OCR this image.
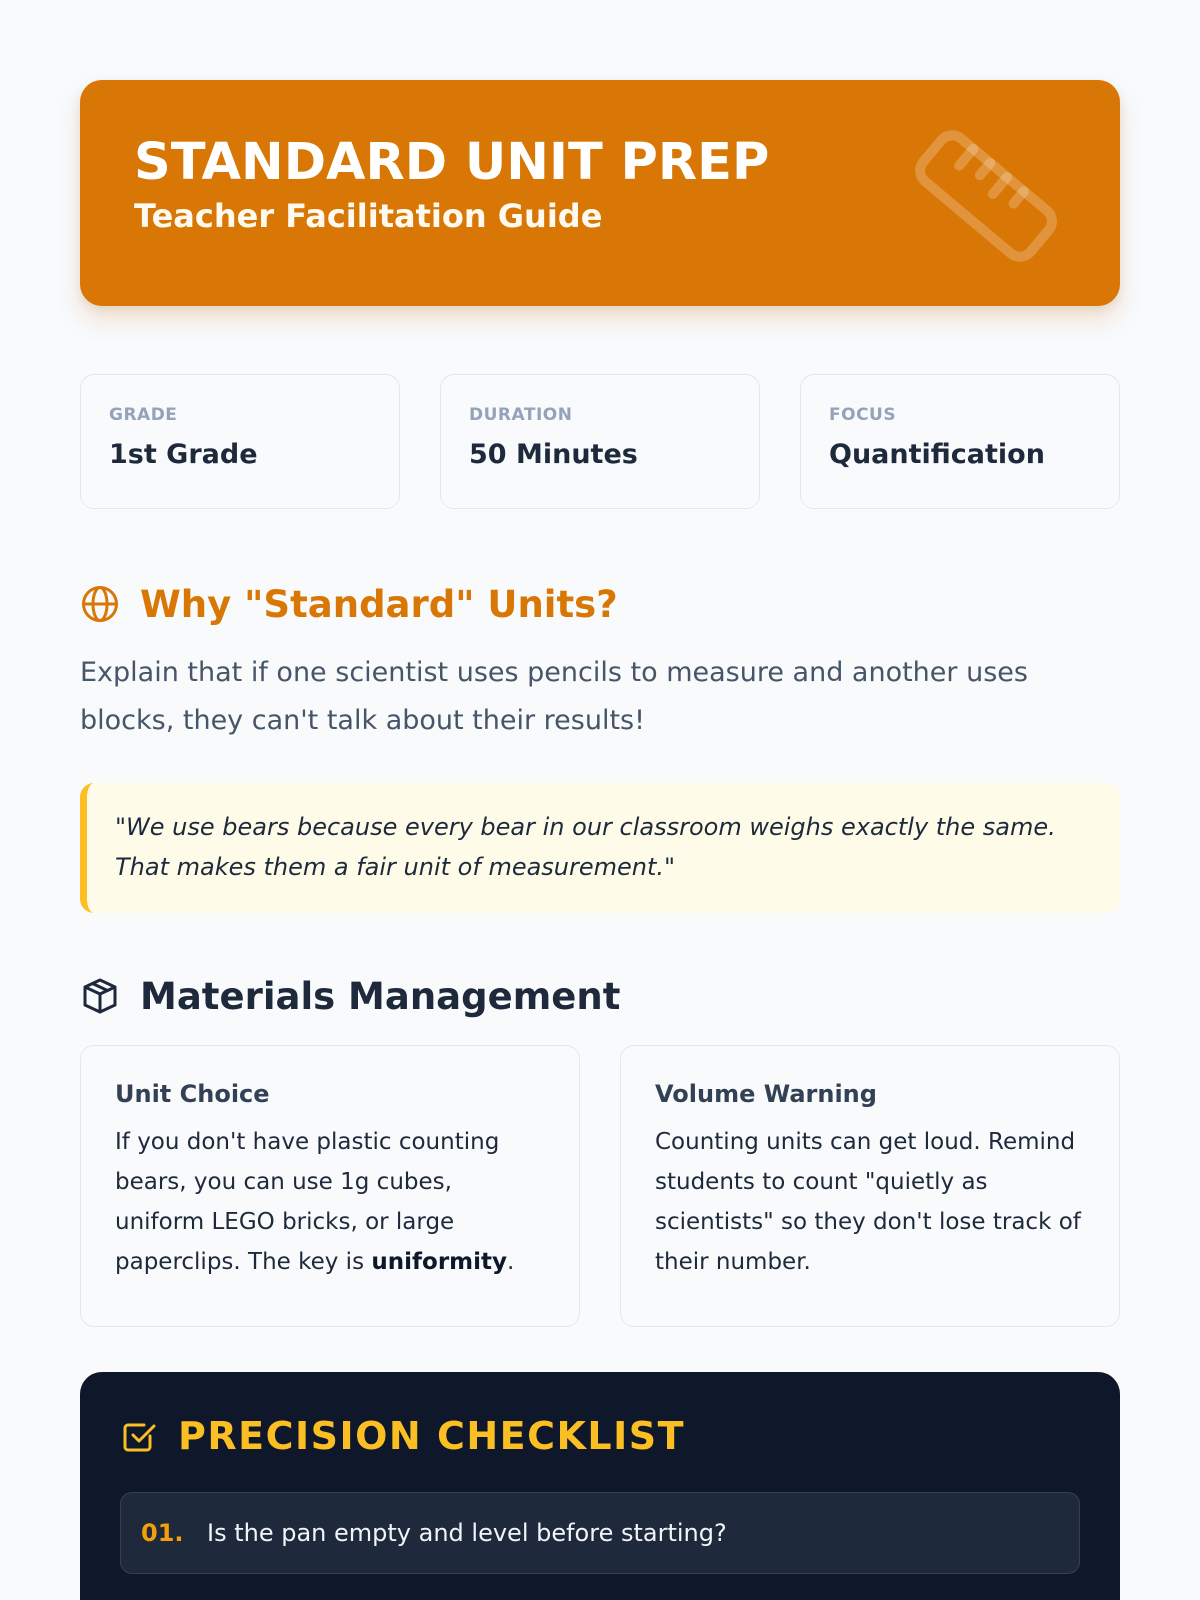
STANDARD UNIT PREP
Teacher Facilitation Guide
GRADE
1st Grade
DURATION
50 Minutes
FOCUS
Quantification
Why "Standard" Units?

Explain that if one scientist uses pencils to measure and another uses blocks, they can't talk about their results!

"We use bears because every bear in our classroom weighs exactly the same. That makes them a fair unit of measurement."
Materials Management
Unit Choice

If you don't have plastic counting bears, you can use 1g cubes, uniform LEGO bricks, or large paperclips. The key is uniformity.

Volume Warning

Counting units can get loud. Remind students to count "quietly as scientists" so they don't lose track of their number.

PRECISION CHECKLIST
01. Is the pan empty and level before starting?
